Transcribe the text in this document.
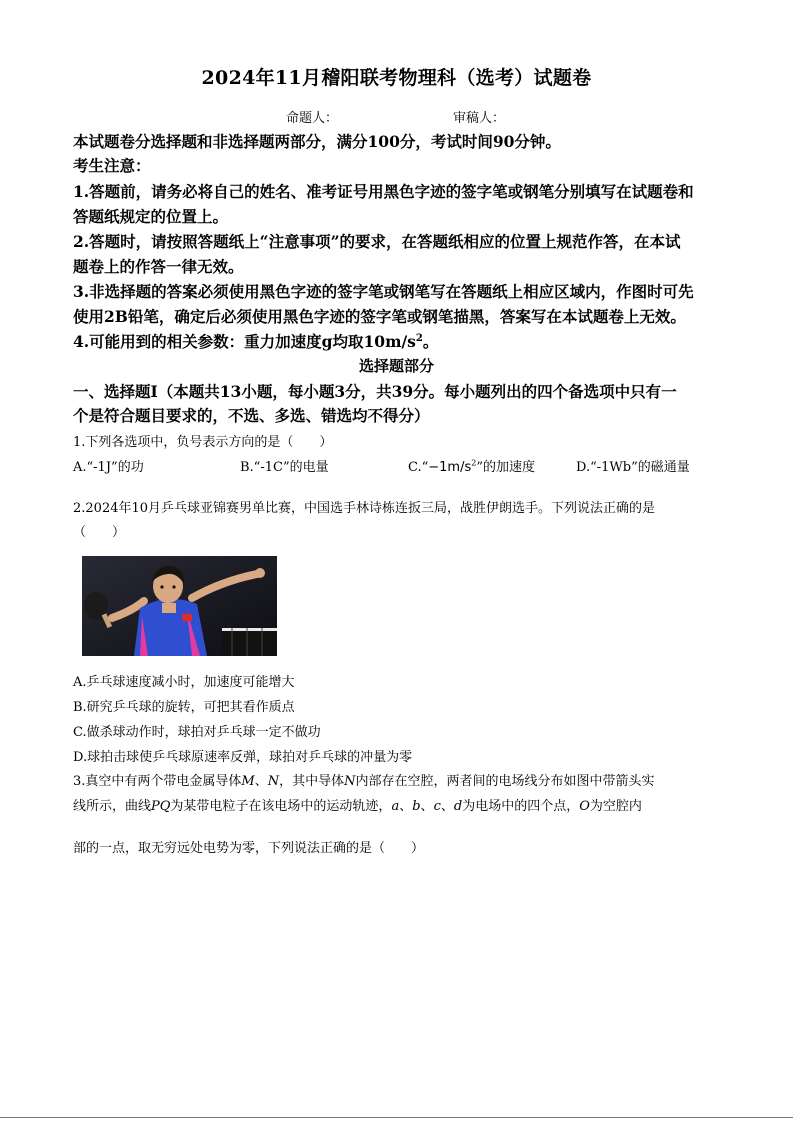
2024年11月稽阳联考物理科（选考）试题卷
命题人：	审稿人：
本试题卷分选择题和非选择题两部分，满分100分，考试时间90分钟。
考生注意：
1.答题前，请务必将自己的姓名、准考证号用黑色字迹的签字笔或钢笔分别填写在试题卷和
答题纸规定的位置上。
2.答题时，请按照答题纸上“注意事项”的要求，在答题纸相应的位置上规范作答，在本试
题卷上的作答一律无效。
3.非选择题的答案必须使用黑色字迹的签字笔或钢笔写在答题纸上相应区域内，作图时可先
使用2B铅笔，确定后必须使用黑色字迹的签字笔或钢笔描黑，答案写在本试题卷上无效。
4.可能用到的相关参数：重力加速度g均取$10m/s^2$。
选择题部分
一、选择题Ⅰ（本题共13小题，每小题3分，共39分。每小题列出的四个备选项中只有一
个是符合题目要求的，不选、多选、错选均不得分）
1.下列各选项中，负号表示方向的是（　　）
A.“-1J”的功	B.“-1C”的电量	$C.“-1m/s^2$”的加速度	D.“-1Wb”的磁通量
2.2024年10月乒乓球亚锦赛男单比赛，中国选手林诗栋连扳三局，战胜伊朗选手。下列说法正确的是
（　　）
A.乒乓球速度减小时，加速度可能增大
B.研究乒乓球的旋转，可把其看作质点
C.做杀球动作时，球拍对乒乓球一定不做功
D.球拍击球使乒乓球原速率反弹，球拍对乒乓球的冲量为零
3.真空中有两个带电金属导体M、N，其中导体N内部存在空腔，两者间的电场线分布如图中带箭头实
线所示，曲线PQ为某带电粒子在该电场中的运动轨迹，a、b、c、d为电场中的四个点，O为空腔内
部的一点，取无穷远处电势为零，下列说法正确的是（　　）
